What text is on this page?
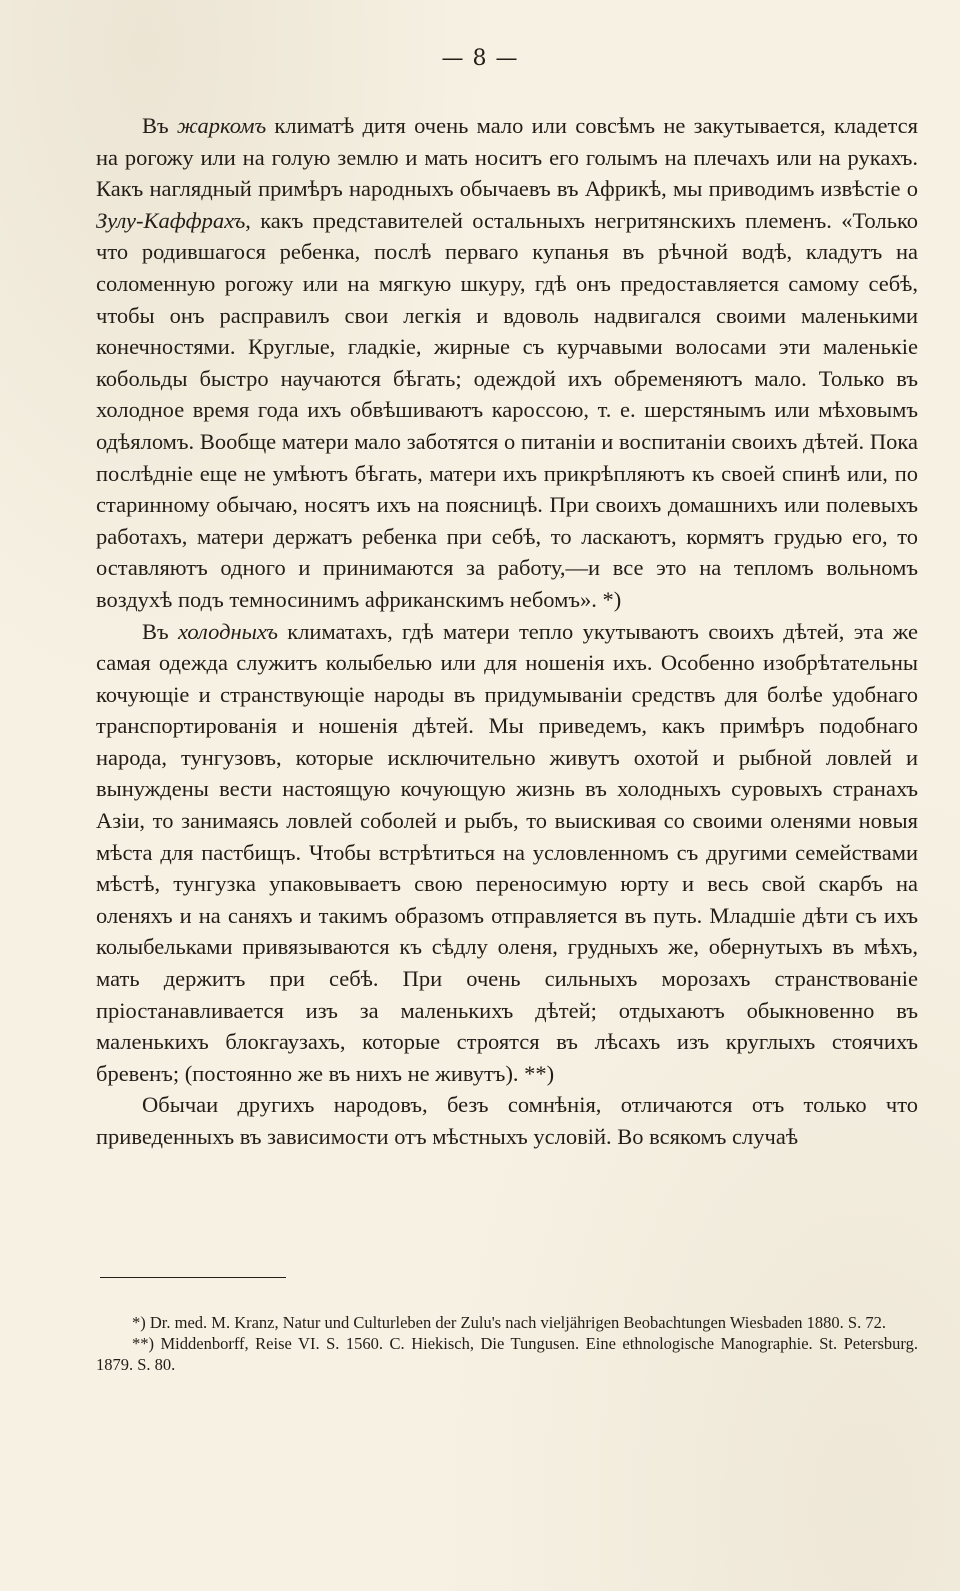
— 8 —

Въ жаркомъ климатѣ дитя очень мало или совсѣмъ не закутывается, кладется на рогожу или на голую землю и мать носитъ его голымъ на плечахъ или на рукахъ. Какъ наглядный примѣръ народныхъ обычаевъ въ Африкѣ, мы приводимъ извѣстіе о Зулу-Каффрахъ, какъ представителей остальныхъ негритянскихъ племенъ. «Только что родившагося ребенка, послѣ перваго купанья въ рѣчной водѣ, кладутъ на соломенную рогожу или на мягкую шкуру, гдѣ онъ предоставляется самому себѣ, чтобы онъ расправилъ свои легкія и вдоволь надвигался своими маленькими конечностями. Круглые, гладкіе, жирные съ курчавыми волосами эти маленькіе кобольды быстро научаются бѣгать; одеждой ихъ обременяютъ мало. Только въ холодное время года ихъ обвѣшиваютъ кароссою, т. е. шерстянымъ или мѣховымъ одѣяломъ. Вообще матери мало заботятся о питаніи и воспитаніи своихъ дѣтей. Пока послѣдніе еще не умѣютъ бѣгать, матери ихъ прикрѣпляютъ къ своей спинѣ или, по старинному обычаю, носятъ ихъ на поясницѣ. При своихъ домашнихъ или полевыхъ работахъ, матери держатъ ребенка при себѣ, то ласкаютъ, кормятъ грудью его, то оставляютъ одного и принимаются за работу,—и все это на тепломъ вольномъ воздухѣ подъ темносинимъ африканскимъ небомъ». *)

Въ холодныхъ климатахъ, гдѣ матери тепло укутываютъ своихъ дѣтей, эта же самая одежда служитъ колыбелью или для ношенія ихъ. Особенно изобрѣтательны кочующіе и странствующіе народы въ придумываніи средствъ для болѣе удобнаго транспортированія и ношенія дѣтей. Мы приведемъ, какъ примѣръ подобнаго народа, тунгузовъ, которые исключительно живутъ охотой и рыбной ловлей и вынуждены вести настоящую кочующую жизнь въ холодныхъ суровыхъ странахъ Азіи, то занимаясь ловлей соболей и рыбъ, то выискивая со своими оленями новыя мѣста для пастбищъ. Чтобы встрѣтиться на условленномъ съ другими семействами мѣстѣ, тунгузка упаковываетъ свою переносимую юрту и весь свой скарбъ на оленяхъ и на саняхъ и такимъ образомъ отправляется въ путь. Младшіе дѣти съ ихъ колыбельками привязываются къ сѣдлу оленя, грудныхъ же, обернутыхъ въ мѣхъ, мать держитъ при себѣ. При очень сильныхъ морозахъ странствованіе пріостанавливается изъ за маленькихъ дѣтей; отдыхаютъ обыкновенно въ маленькихъ блокгаузахъ, которые строятся въ лѣсахъ изъ круглыхъ стоячихъ бревенъ; (постоянно же въ нихъ не живутъ). **)

Обычаи другихъ народовъ, безъ сомнѣнія, отличаются отъ только что приведенныхъ въ зависимости отъ мѣстныхъ условій. Во всякомъ случаѣ

*) Dr. med. M. Kranz, Natur und Culturleben der Zulu's nach vieljährigen Beobachtungen Wiesbaden 1880. S. 72.

**) Middenborff, Reise VI. S. 1560. C. Hiekisch, Die Tungusen. Eine ethnologische Manographie. St. Petersburg. 1879. S. 80.
